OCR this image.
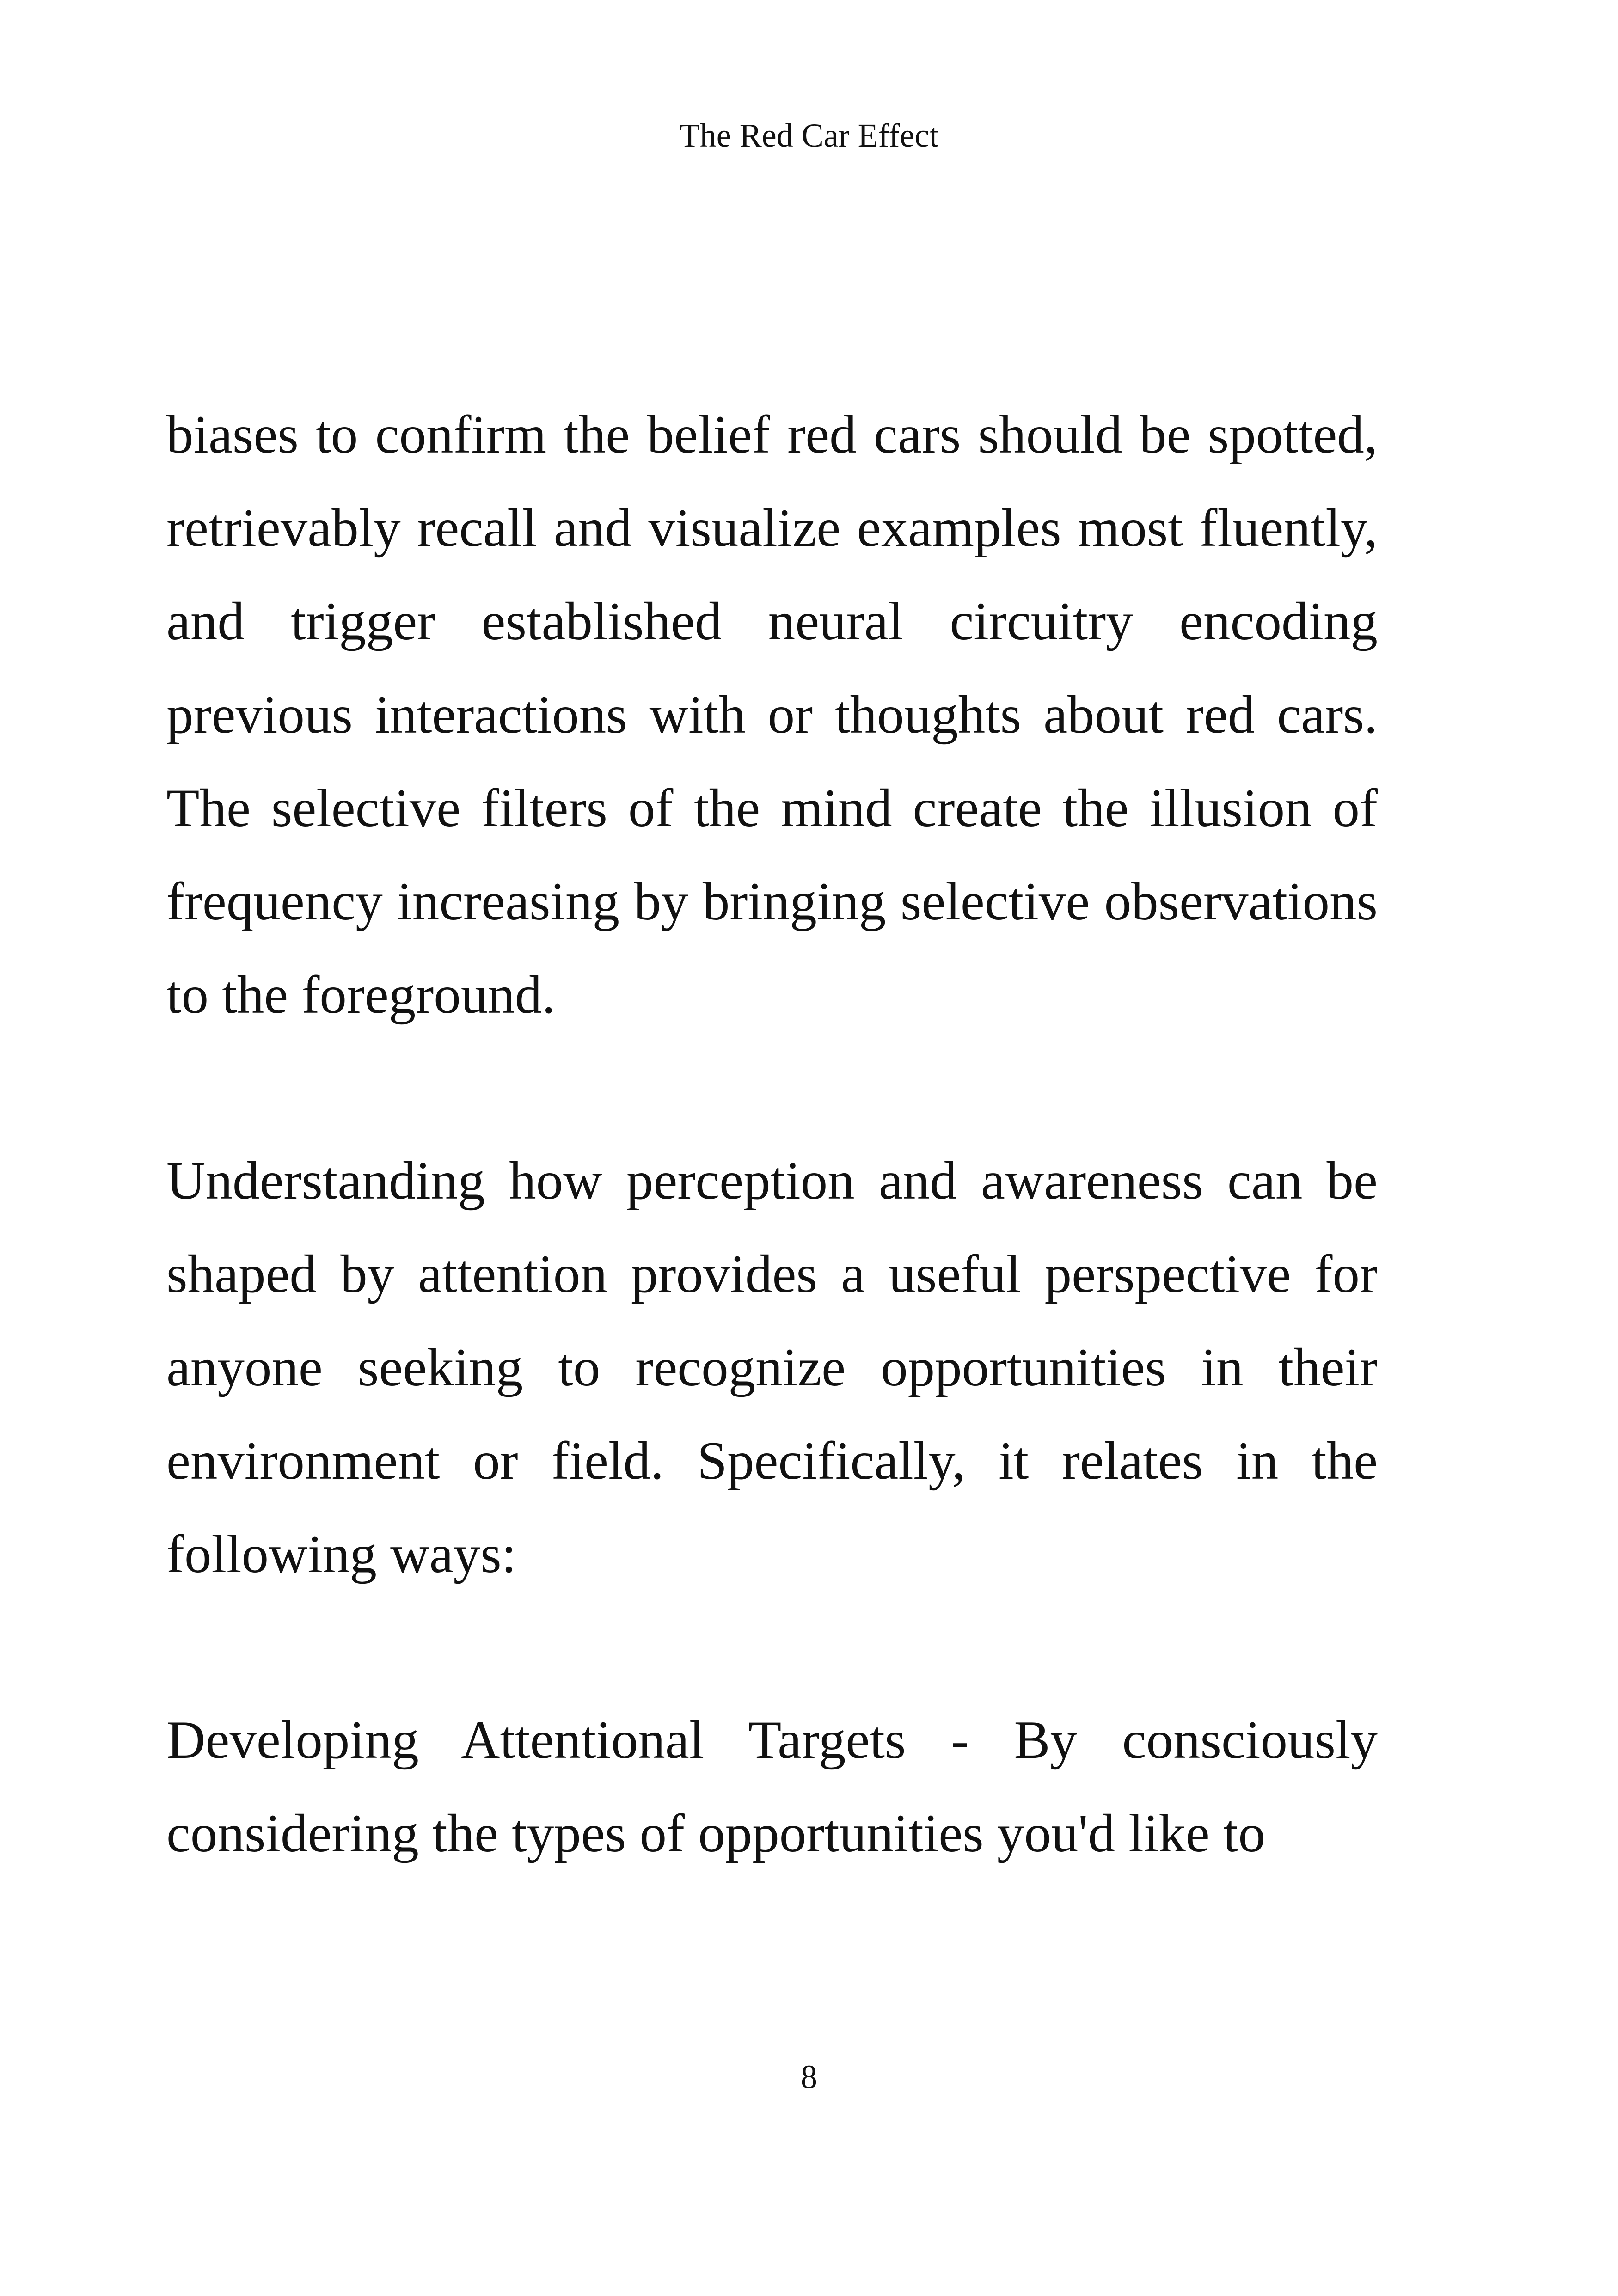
The Red Car Effect

biases to confirm the belief red cars should be spotted, retrievably recall and visualize examples most fluently, and trigger established neural circuitry encoding previous interactions with or thoughts about red cars. The selective filters of the mind create the illusion of frequency increasing by bringing selective observations to the foreground.

Understanding how perception and awareness can be shaped by attention provides a useful perspective for anyone seeking to recognize opportunities in their environment or field. Specifically, it relates in the following ways:

Developing Attentional Targets - By consciously considering the types of opportunities you'd like to

8
